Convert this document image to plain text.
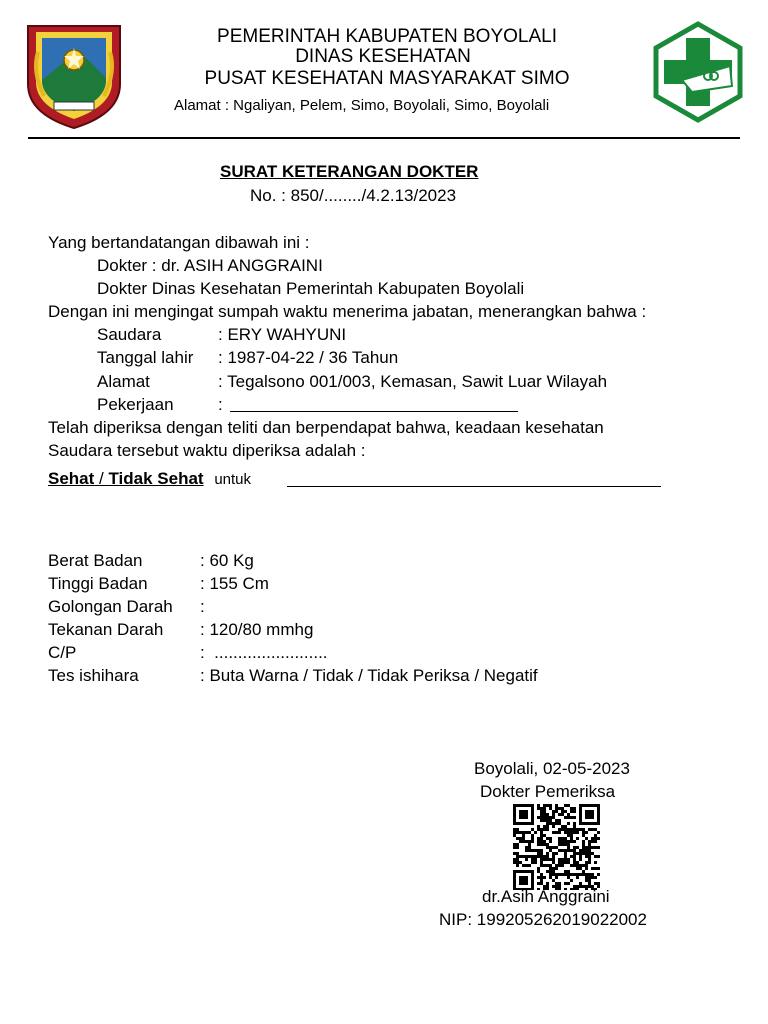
PEMERINTAH KABUPATEN BOYOLALI
DINAS KESEHATAN
PUSAT KESEHATAN MASYARAKAT SIMO
Alamat : Ngaliyan, Pelem, Simo, Boyolali, Simo, Boyolali
SURAT KETERANGAN DOKTER
No. : 850/......../4.2.13/2023
Yang bertandatangan dibawah ini :
Dokter : dr. ASIH ANGGRAINI
Dokter Dinas Kesehatan Pemerintah Kabupaten Boyolali
Dengan ini mengingat sumpah waktu menerima jabatan, menerangkan bahwa :
Saudara	: ERY WAHYUNI
Tanggal lahir : 1987-04-22 / 36 Tahun
Alamat	: Tegalsono 001/003, Kemasan, Sawit Luar Wilayah
Pekerjaan	:
Telah diperiksa dengan teliti dan berpendapat bahwa, keadaan kesehatan
Saudara tersebut waktu diperiksa adalah :
Sehat / Tidak Sehat untuk
Berat Badan	: 60 Kg
Tinggi Badan	: 155 Cm
Golongan Darah :
Tekanan Darah : 120/80 mmhg
C/P	:  ........................
Tes ishihara	: Buta Warna / Tidak / Tidak Periksa / Negatif
Boyolali, 02-05-2023
Dokter Pemeriksa
dr.Asih Anggraini
NIP: 199205262019022002
